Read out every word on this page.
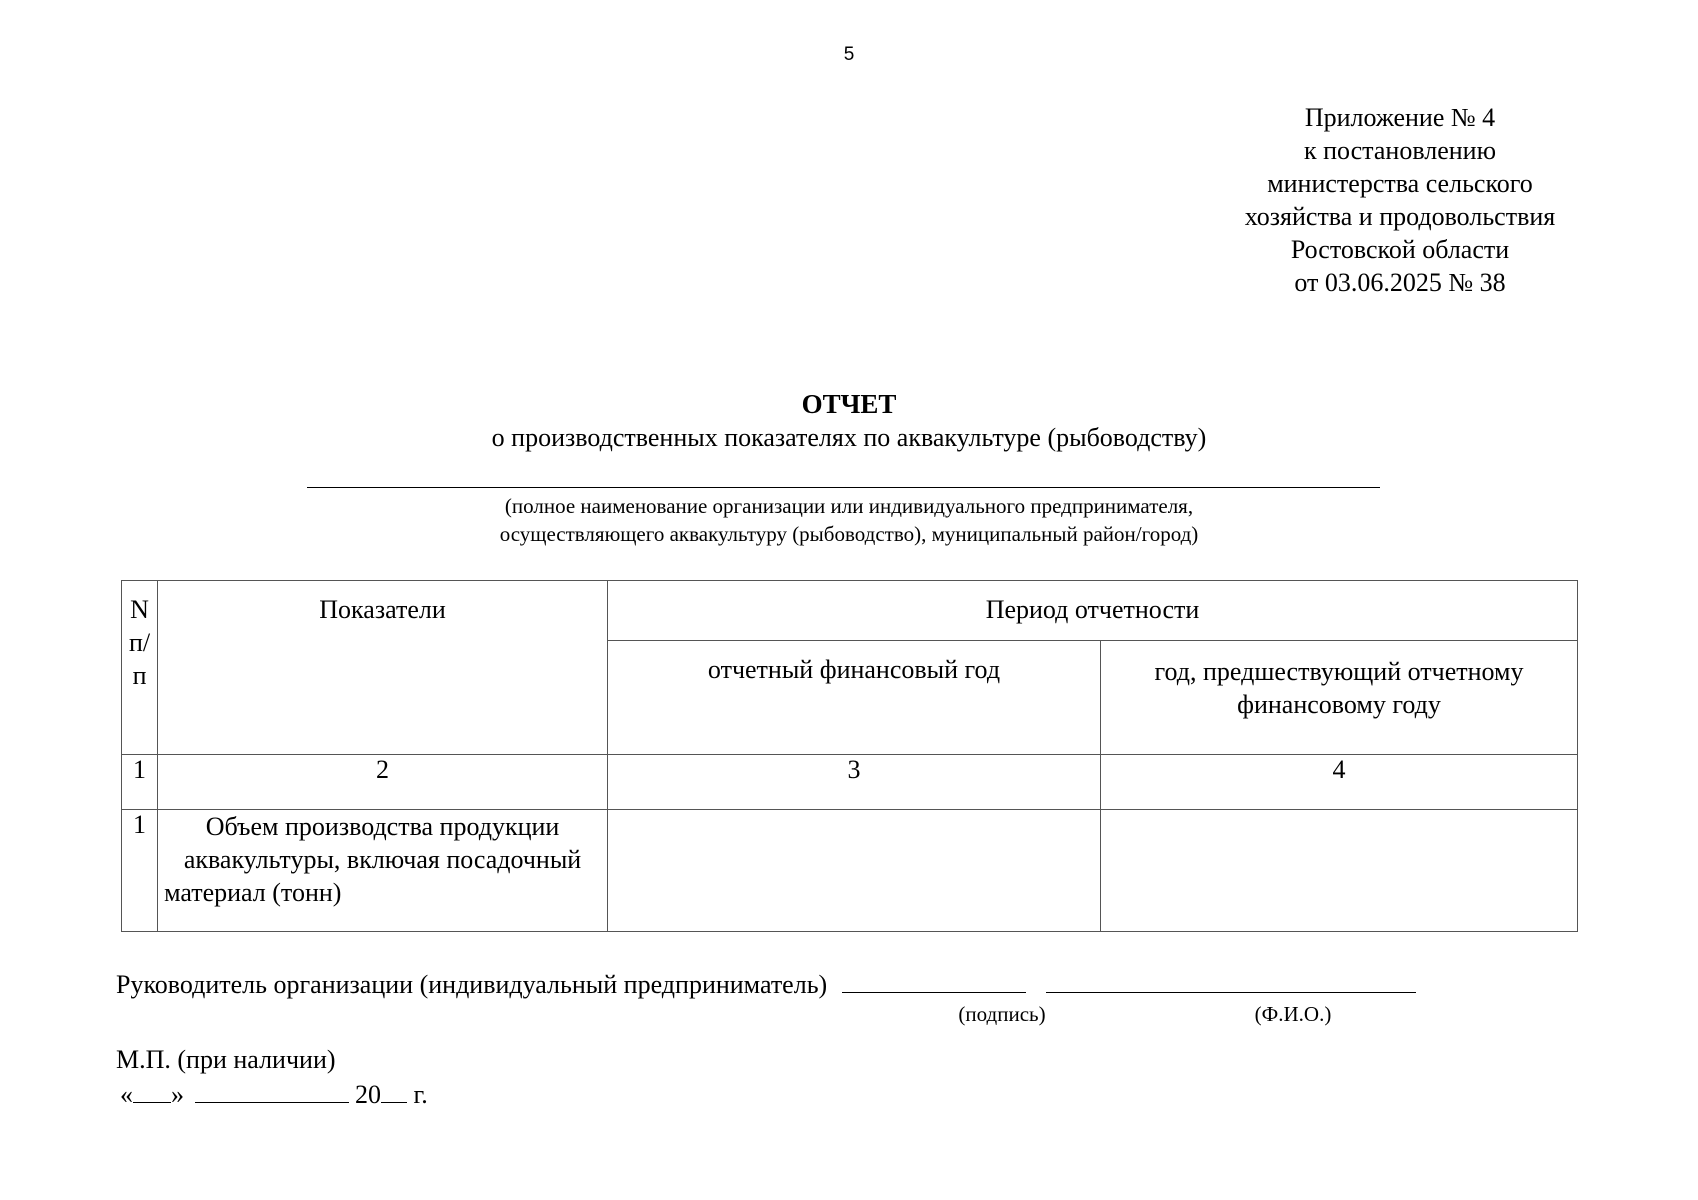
5
Приложение № 4
к постановлению
министерства сельского
хозяйства и продовольствия
Ростовской области
от 03.06.2025 № 38
ОТЧЕТ
о производственных показателях по аквакультуре (рыбоводству)
(полное наименование организации или индивидуального предпринимателя,
осуществляющего аквакультуру (рыбоводство), муниципальный район/город)
N
п/
п	Показатели	Период отчетности	
		отчетный финансовый год	год, предшествующий отчетному финансовому году
1	2	3	4
1	Объем производства продукции аквакультуры, включая посадочный материал (тонн)		
Руководитель организации (индивидуальный предприниматель)
(подпись)	(Ф.И.О.)
М.П. (при наличии)
« »	20 г.
